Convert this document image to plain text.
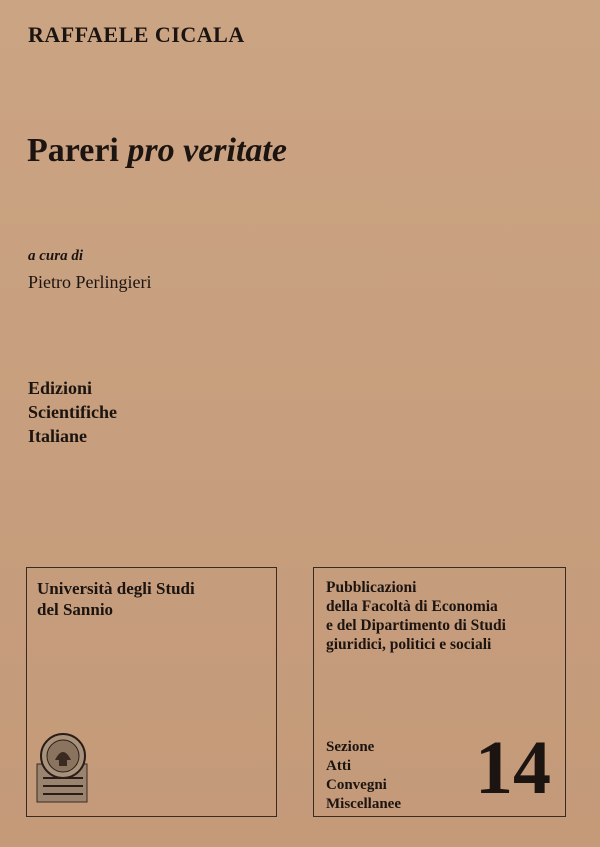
RAFFAELE CICALA
Pareri pro veritate
a cura di
Pietro Perlingieri
Edizioni
Scientifiche
Italiane
Università degli Studi
del Sannio
Pubblicazioni
della Facoltà di Economia
e del Dipartimento di Studi
giuridici, politici e sociali
Sezione
Atti
Convegni
Miscellanee 14
